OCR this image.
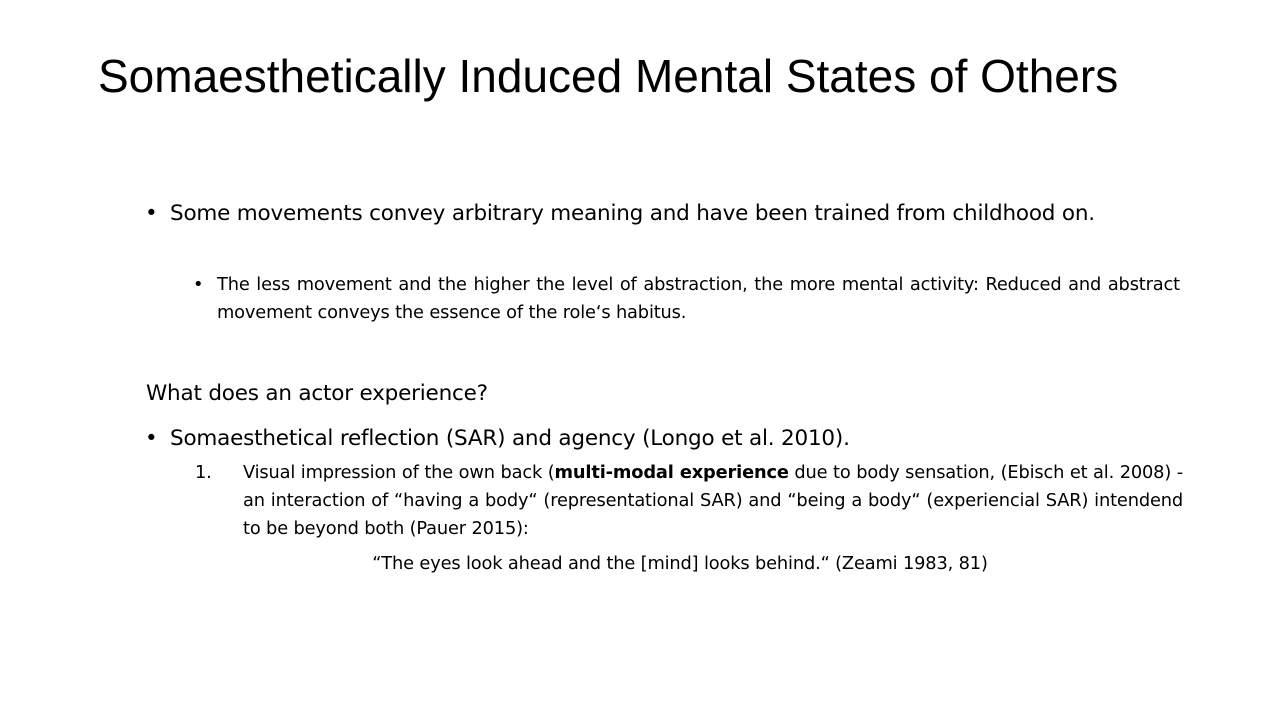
Somaesthetically Induced Mental States of Others
• Some movements convey arbitrary meaning and have been trained from childhood on.
• The less movement and the higher the level of abstraction, the more mental activity: Reduced and abstract movement conveys the essence of the role‘s habitus.
What does an actor experience?
• Somaesthetical reflection (SAR) and agency (Longo et al. 2010).
1. Visual impression of the own back (multi-modal experience due to body sensation, (Ebisch et al. 2008) - an interaction of “having a body“ (representational SAR) and “being a body“ (experiencial SAR) intendend to be beyond both (Pauer 2015):
“The eyes look ahead and the [mind] looks behind.“ (Zeami 1983, 81)
